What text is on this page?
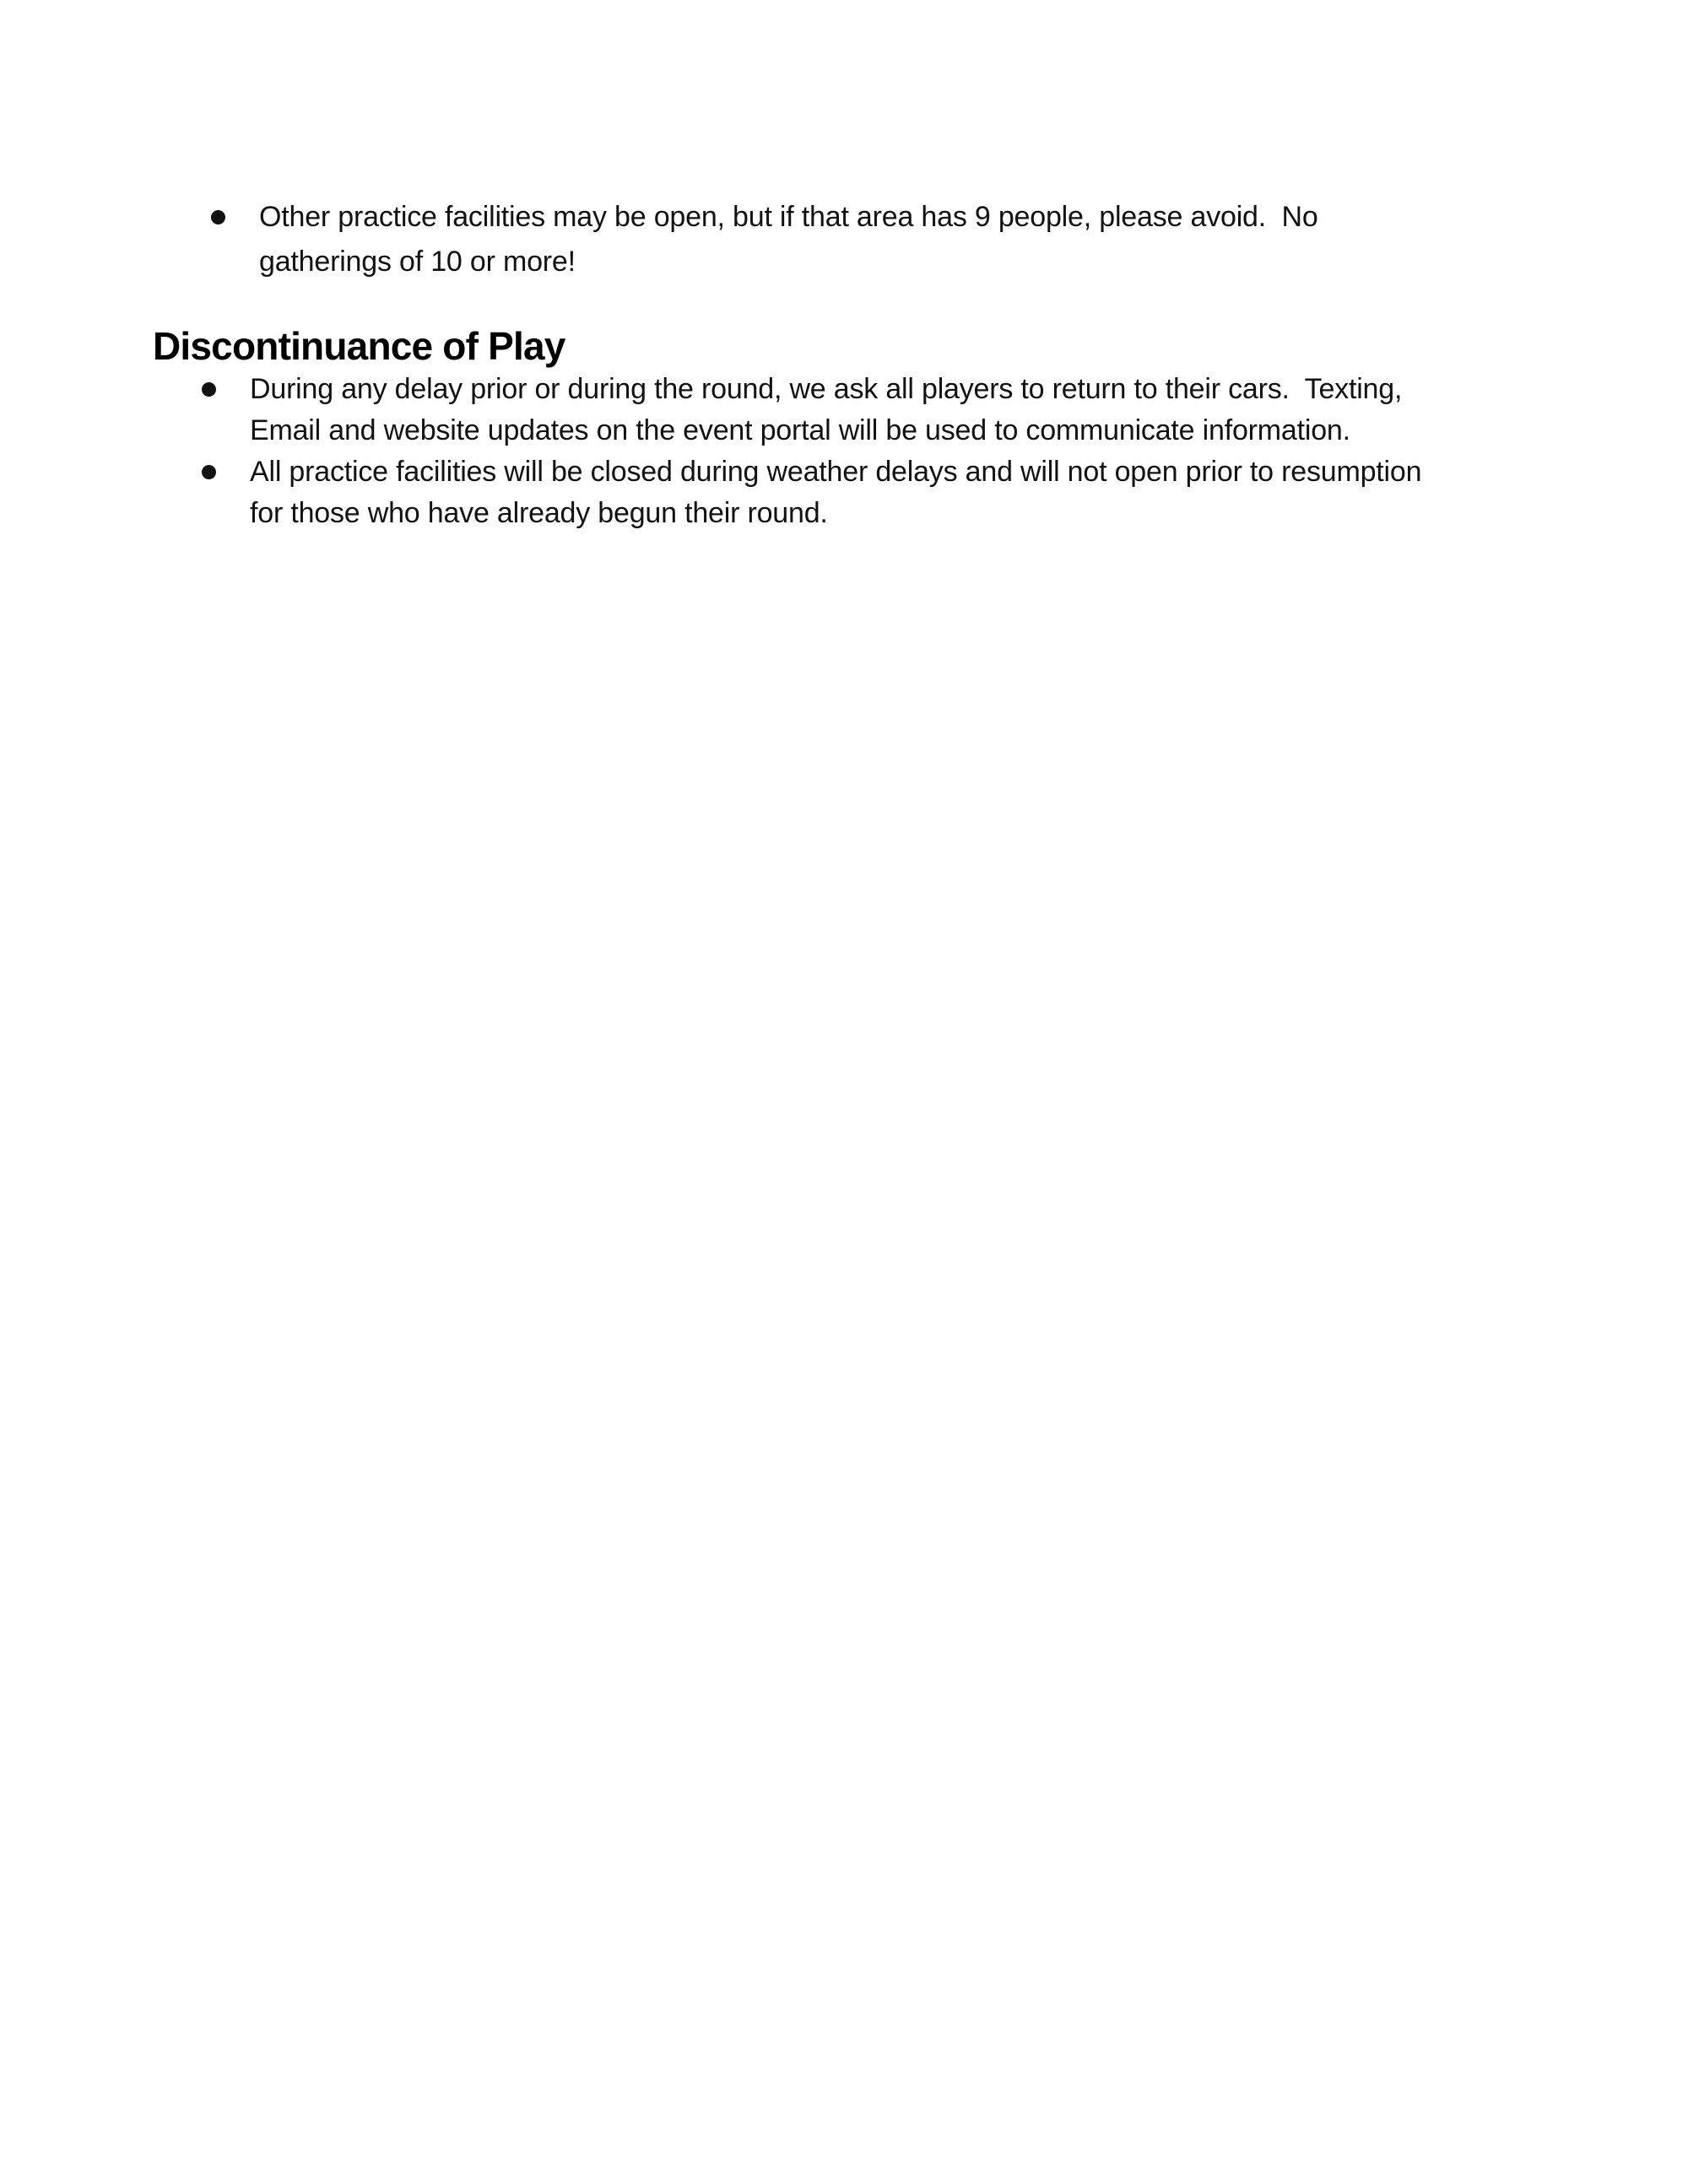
Other practice facilities may be open, but if that area has 9 people, please avoid.  No
gatherings of 10 or more!
Discontinuance of Play
During any delay prior or during the round, we ask all players to return to their cars.  Texting,
Email and website updates on the event portal will be used to communicate information.
All practice facilities will be closed during weather delays and will not open prior to resumption
for those who have already begun their round.
